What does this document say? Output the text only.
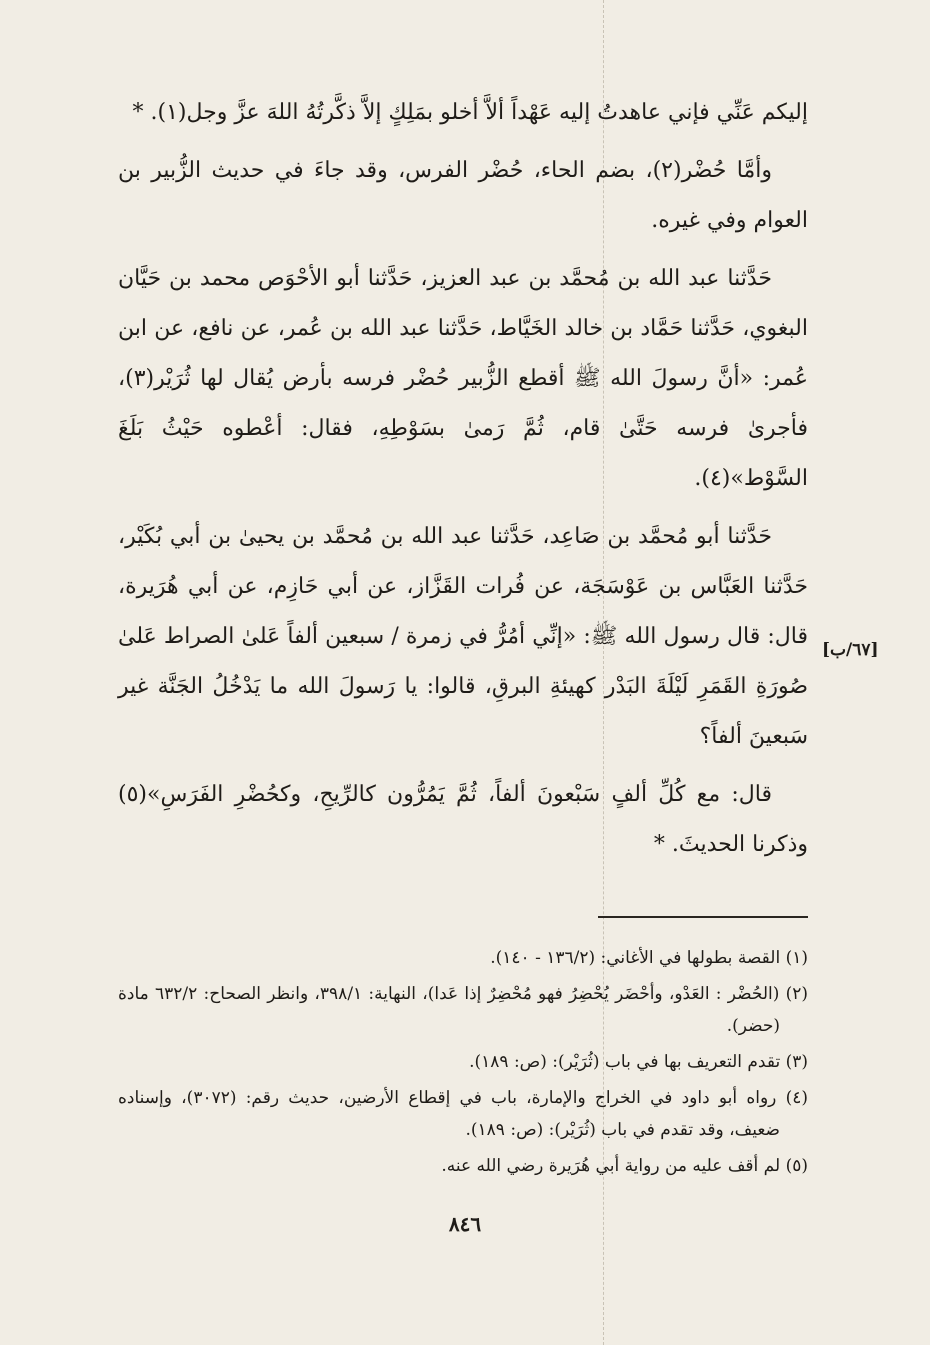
إليكم عَنِّي فإني عاهدتُ إليه عَهْداً ألاَّ أخلو بمَلِكٍ إلاَّ ذكَّرتُهُ اللهَ عزَّ وجل(١). *

وأمَّا حُضْر(٢)، بضم الحاء، حُضْر الفرس، وقد جاءَ في حديث الزُّبير بن العوام وفي غيره.

حَدَّثنا عبد الله بن مُحمَّد بن عبد العزيز، حَدَّثنا أبو الأحْوَص محمد بن حَيَّان البغوي، حَدَّثنا حَمَّاد بن خالد الخَيَّاط، حَدَّثنا عبد الله بن عُمر، عن نافع، عن ابن عُمر: «أنَّ رسولَ الله ﷺ أقطع الزُّبير حُضْر فرسه بأرض يُقال لها ثُرَيْر(٣)، فأجرىٰ فرسه حَتَّىٰ قام، ثُمَّ رَمىٰ بسَوْطِهِ، فقال: أعْطوه حَيْثُ بَلَغَ السَّوْط»(٤).

حَدَّثنا أبو مُحمَّد بن صَاعِد، حَدَّثنا عبد الله بن مُحمَّد بن يحيىٰ بن أبي بُكَيْر، حَدَّثنا العَبَّاس بن عَوْسَجَة، عن فُرات القَزَّاز، عن أبي حَازِم، عن أبي هُرَيرة، قال: قال رسول الله ﷺ: «إنِّي أمُرُّ في زمرة / سبعين ألفاً عَلىٰ الصراط عَلىٰ صُورَةِ القَمَرِ لَيْلَةَ البَدْر كهيئةِ البرقِ، قالوا: يا رَسولَ الله ما يَدْخُلُ الجَنَّة غير سَبعينَ ألفاً؟

قال: مع كُلِّ ألفٍ سَبْعونَ ألفاً، ثُمَّ يَمُرُّون كالرِّيحِ، وكحُضْرِ الفَرَسِ»(٥) وذكرنا الحديثَ. *

[٦٧/ب]
(١) القصة بطولها في الأغاني: (١٣٦/٢ - ١٤٠).
(٢) (الحُضْر : العَدْو، وأحْضَر يُحْضِرُ فهو مُحْضِرٌ إذا عَدا)، النهاية: ٣٩٨/١، وانظر الصحاح: ٦٣٢/٢ مادة (حضر).
(٣) تقدم التعريف بها في باب (ثُرَيْر): (ص: ١٨٩).
(٤) رواه أبو داود في الخراج والإمارة، باب في إقطاع الأرضين، حديث رقم: (٣٠٧٢)، وإسناده ضعيف، وقد تقدم في باب (ثُرَيْر): (ص: ١٨٩).
(٥) لم أقف عليه من رواية أبي هُرَيرة رضي الله عنه.
٨٤٦
